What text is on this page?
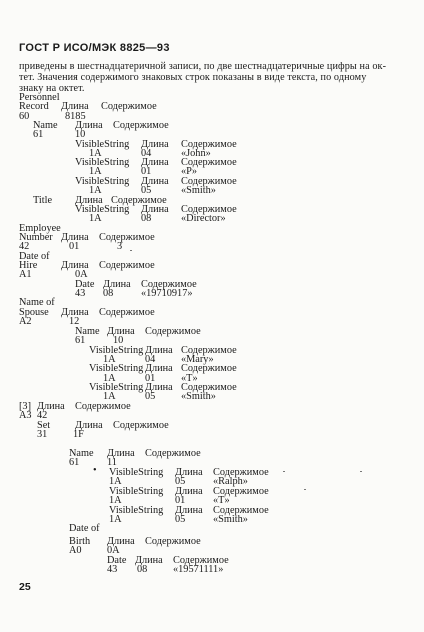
ГОСТ Р ИСО/МЭК 8825—93
приведены в шестнадцатеричной записи, по две шестнадцатеричные цифры на ок-
тет. Значения содержимого знаковых строк показаны в виде текста, по одному
знаку на октет.
Personnel
Record Длина Содержимое
60	8185
Name Длина Содержимое
61	10
VisibleString Длина Содержимое
1A	04	«John»
VisibleString Длина Содержимое
1A	01	«P»
VisibleString Длина Содержимое
1A	05	«Smith»
Title Длина Содержимое
VisibleString Длина Содержимое
1A	08	«Director»
Employee
Number Длина Содержимое
42	01	3
Date of
Hire Длина Содержимое
A1	0A
Date Длина Содержимое
43 08	«19710917»
Name of
Spouse Длина Содержимое
A2	12
Name Длина Содержимое
61	10
VisibleString Длина Содержимое
1A	04 «Mary»
VisibleString Длина Содержимое
1A	01 «T»
VisibleString Длина Содержимое
1A	05 «Smith»
[3] Длина Содержимое
A3 42
Set Длина Содержимое
31 1F
Name Длина Содержимое
61	11
• VisibleString Длина Содержимое
1A	05	«Ralph»
VisibleString Длина Содержимое
1A	01	«T»
VisibleString Длина Содержимое
1A	05	«Smith»
Date of
Birth Длина Содержимое
A0 0A
Date Длина Содержимое
43 08 «19571111»
25
